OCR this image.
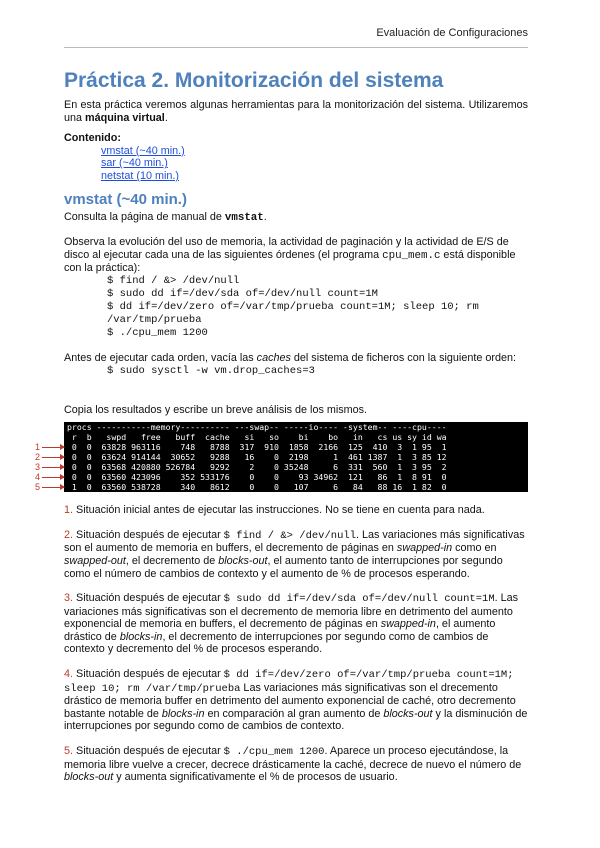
Evaluación de Configuraciones
Práctica 2. Monitorización del sistema

En esta práctica veremos algunas herramientas para la monitorización del sistema. Utilizaremos una máquina virtual.

Contenido:
vmstat (~40 min.)
sar (~40 min.)
netstat (10 min.)
vmstat (~40 min.)

Consulta la página de manual de vmstat.

Observa la evolución del uso de memoria, la actividad de paginación y la actividad de E/S de disco al ejecutar cada una de las siguientes órdenes (el programa cpu_mem.c está disponible con la práctica):

$ find / &> /dev/null
$ sudo dd if=/dev/sda of=/dev/null count=1M
$ dd if=/dev/zero of=/var/tmp/prueba count=1M; sleep 10; rm
/var/tmp/prueba
$ ./cpu_mem 1200

Antes de ejecutar cada orden, vacía las caches del sistema de ficheros con la siguiente orden:

$ sudo sysctl -w vm.drop_caches=3

Copia los resultados y escribe un breve análisis de los mismos.

procs -----------memory---------- ---swap-- -----io---- -system-- ----cpu----
r  b   swpd   free   buff  cache   si   so    bi    bo   in   cs us sy id wa
0  0  63828 963116    748   8788  317  910  1858  2166  125  410  3  1 95  1
0  0  63624 914144  30652   9288   16    0  2198     1  461 1387  1  3 85 12
0  0  63568 420880 526784   9292    2    0 35248     6  331  560  1  3 95  2
0  0  63560 423096    352 533176    0    0    93 34962  121   86  1  8 91  0
1  0  63560 538728    340   8612    0    0   107     6   84   88 16  1 82  0
1
2
3
4
5

1. Situación inicial antes de ejecutar las instrucciones. No se tiene en cuenta para nada.

2. Situación después de ejecutar $ find / &> /dev/null. Las variaciones más significativas son el aumento de memoria en buffers, el decremento de páginas en swapped-in como en swapped-out, el decremento de blocks-out, el aumento tanto de interrupciones por segundo como el número de cambios de contexto y el aumento de % de procesos esperando.

3. Situación después de ejecutar $ sudo dd if=/dev/sda of=/dev/null count=1M. Las variaciones más significativas son el decremento de memoria libre en detrimento del aumento exponencial de memoria en buffers, el decremento de páginas en swapped-in, el aumento drástico de blocks-in, el decremento de interrupciones por segundo como de cambios de contexto y decremento del % de procesos esperando.

4. Situación después de ejecutar $ dd if=/dev/zero of=/var/tmp/prueba count=1M; sleep 10; rm /var/tmp/prueba Las variaciones más significativas son el drecemento drástico de memoria buffer en detrimento del aumento exponencial de caché, otro decremento bastante notable de blocks-in en comparación al gran aumento de blocks-out y la disminución de interrupciones por segundo como de cambios de contexto.

5. Situación después de ejecutar $ ./cpu_mem 1200. Aparece un proceso ejecutándose, la memoria libre vuelve a crecer, decrece drásticamente la caché, decrece de nuevo el número de blocks-out y aumenta significativamente el % de procesos de usuario.
